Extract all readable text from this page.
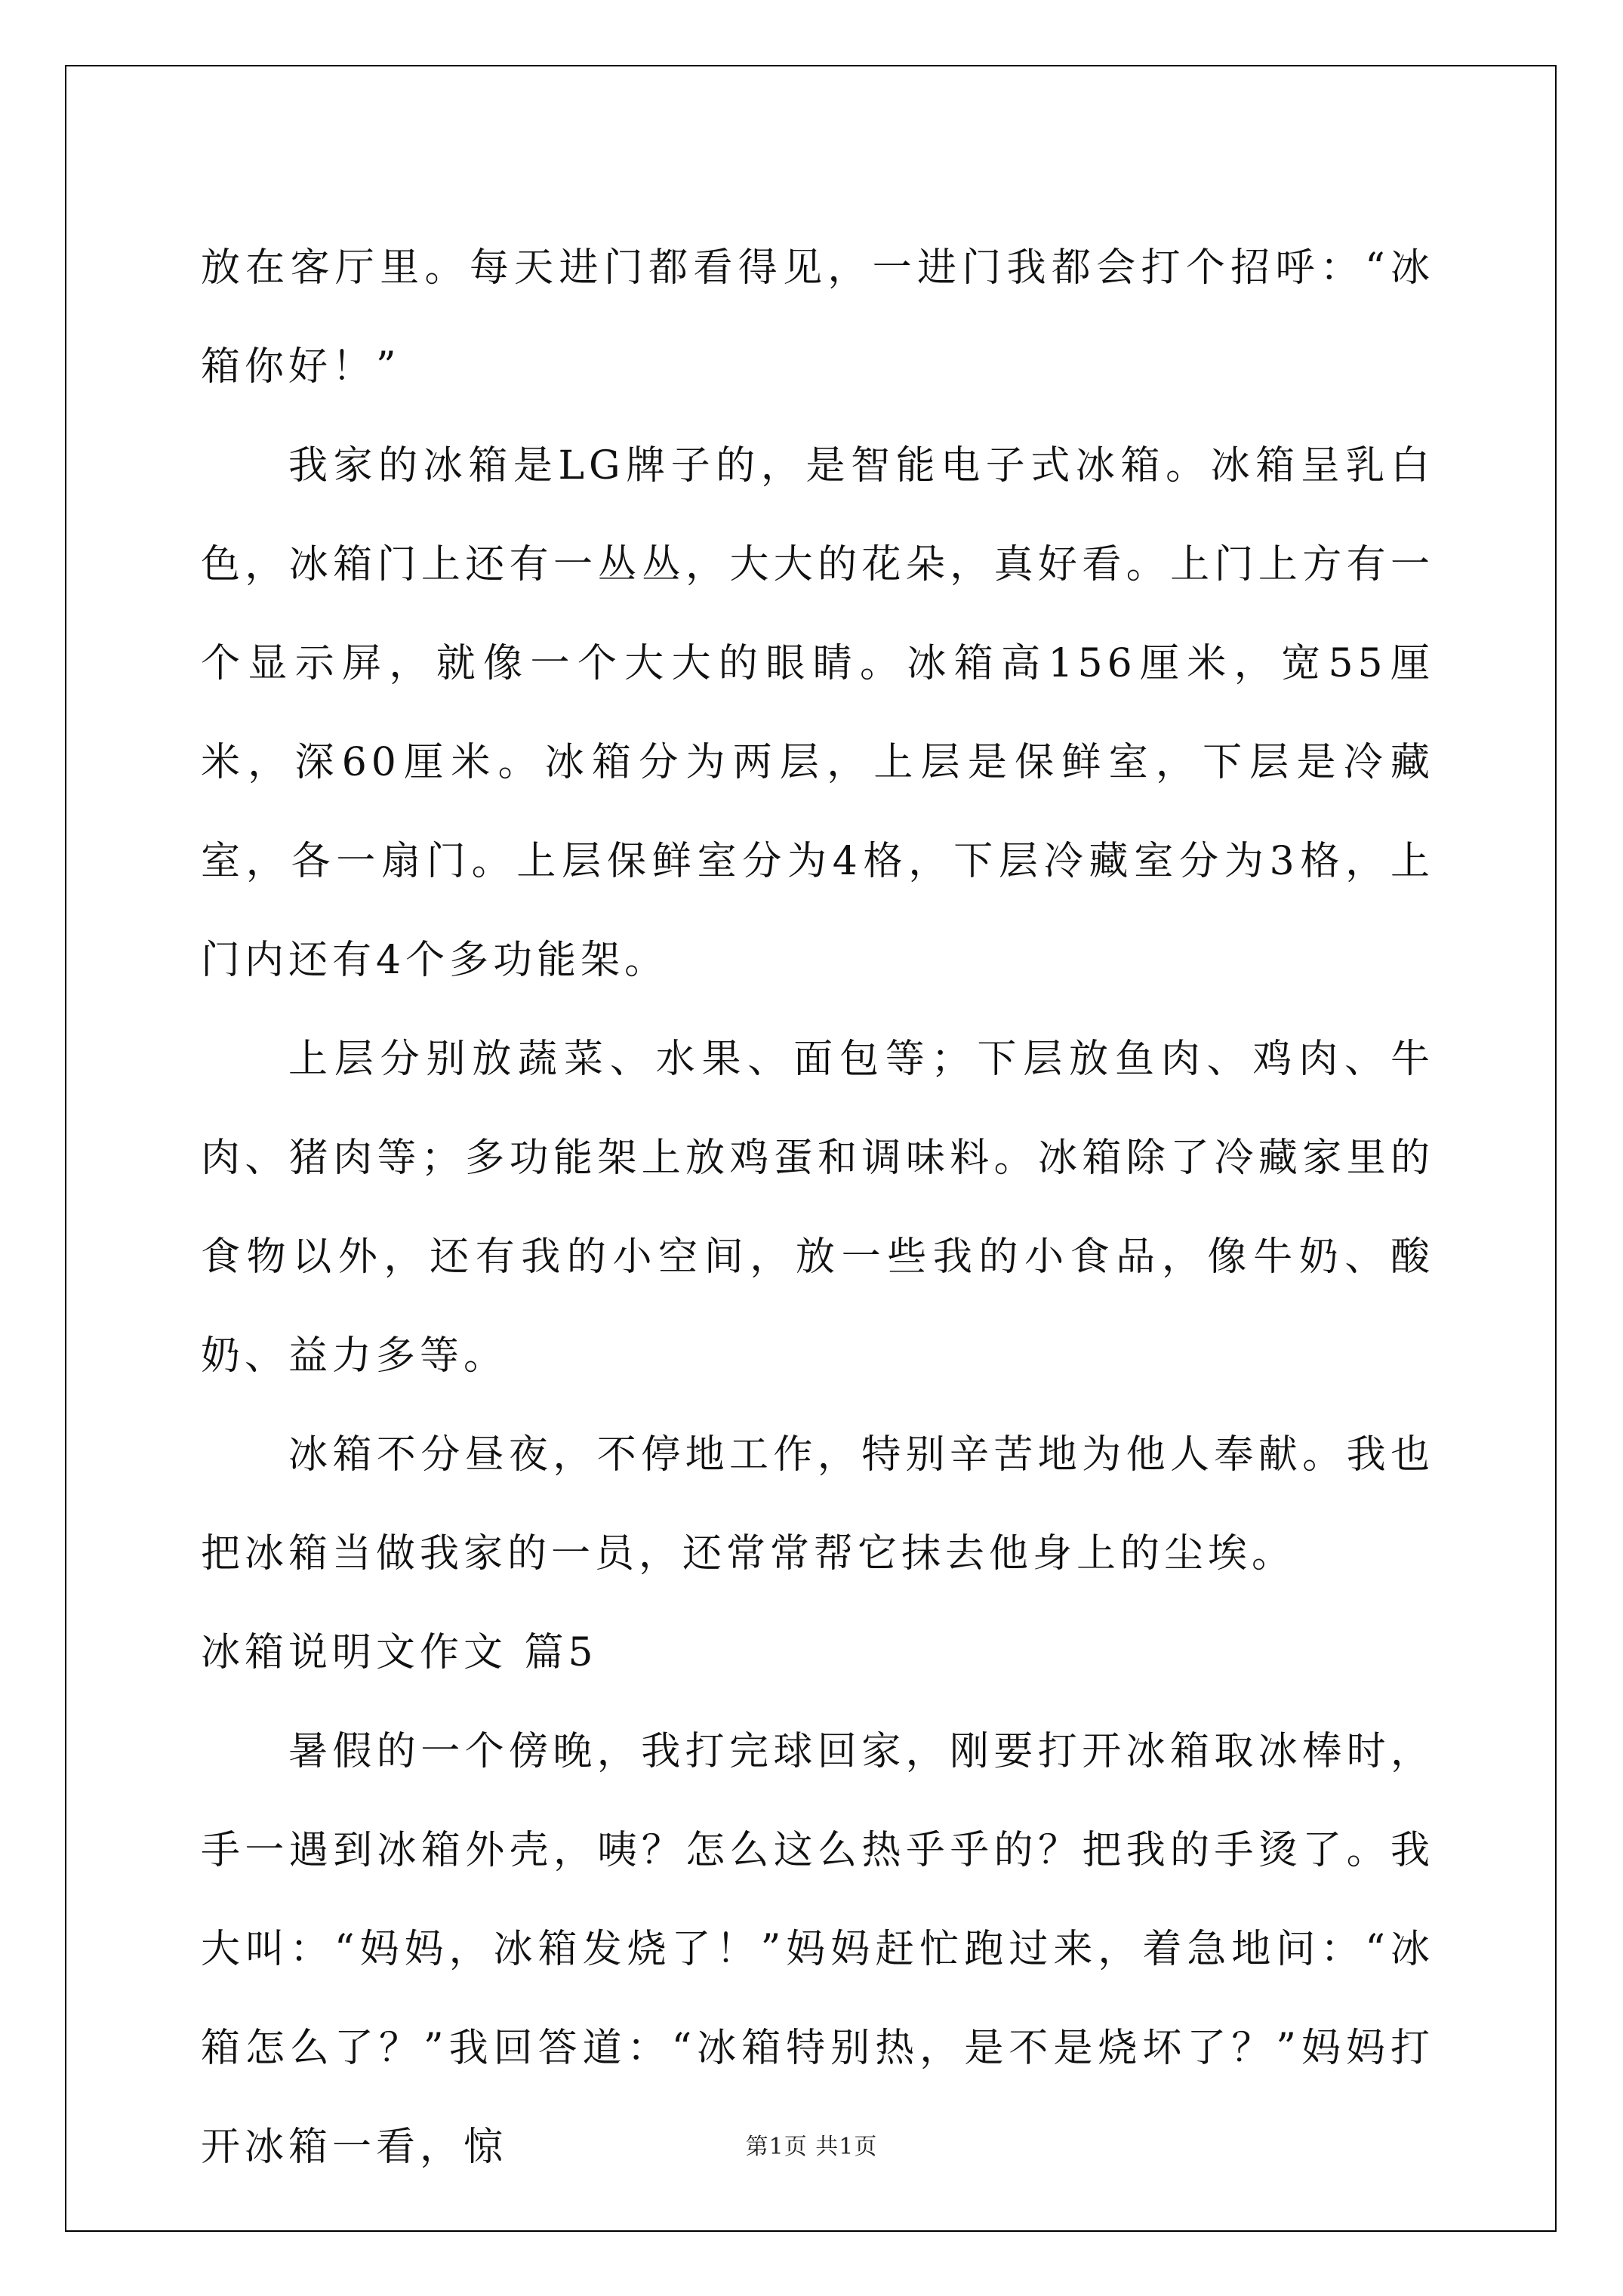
放在客厅里。每天进门都看得见，一进门我都会打个招呼：“冰箱你好！”

我家的冰箱是LG牌子的，是智能电子式冰箱。冰箱呈乳白色，冰箱门上还有一丛丛，大大的花朵，真好看。上门上方有一个显示屏，就像一个大大的眼睛。冰箱高156厘米，宽55厘米，深60厘米。冰箱分为两层，上层是保鲜室，下层是冷藏室，各一扇门。上层保鲜室分为4格，下层冷藏室分为3格，上门内还有4个多功能架。

上层分别放蔬菜、水果、面包等；下层放鱼肉、鸡肉、牛肉、猪肉等；多功能架上放鸡蛋和调味料。冰箱除了冷藏家里的食物以外，还有我的小空间，放一些我的小食品，像牛奶、酸奶、益力多等。

冰箱不分昼夜，不停地工作，特别辛苦地为他人奉献。我也把冰箱当做我家的一员，还常常帮它抹去他身上的尘埃。

冰箱说明文作文 篇5

暑假的一个傍晚，我打完球回家，刚要打开冰箱取冰棒时，手一遇到冰箱外壳，咦？怎么这么热乎乎的？把我的手烫了。我大叫：“妈妈，冰箱发烧了！”妈妈赶忙跑过来，着急地问：“冰箱怎么了？”我回答道：“冰箱特别热，是不是烧坏了？”妈妈打开冰箱一看，惊	第1页 共1页
